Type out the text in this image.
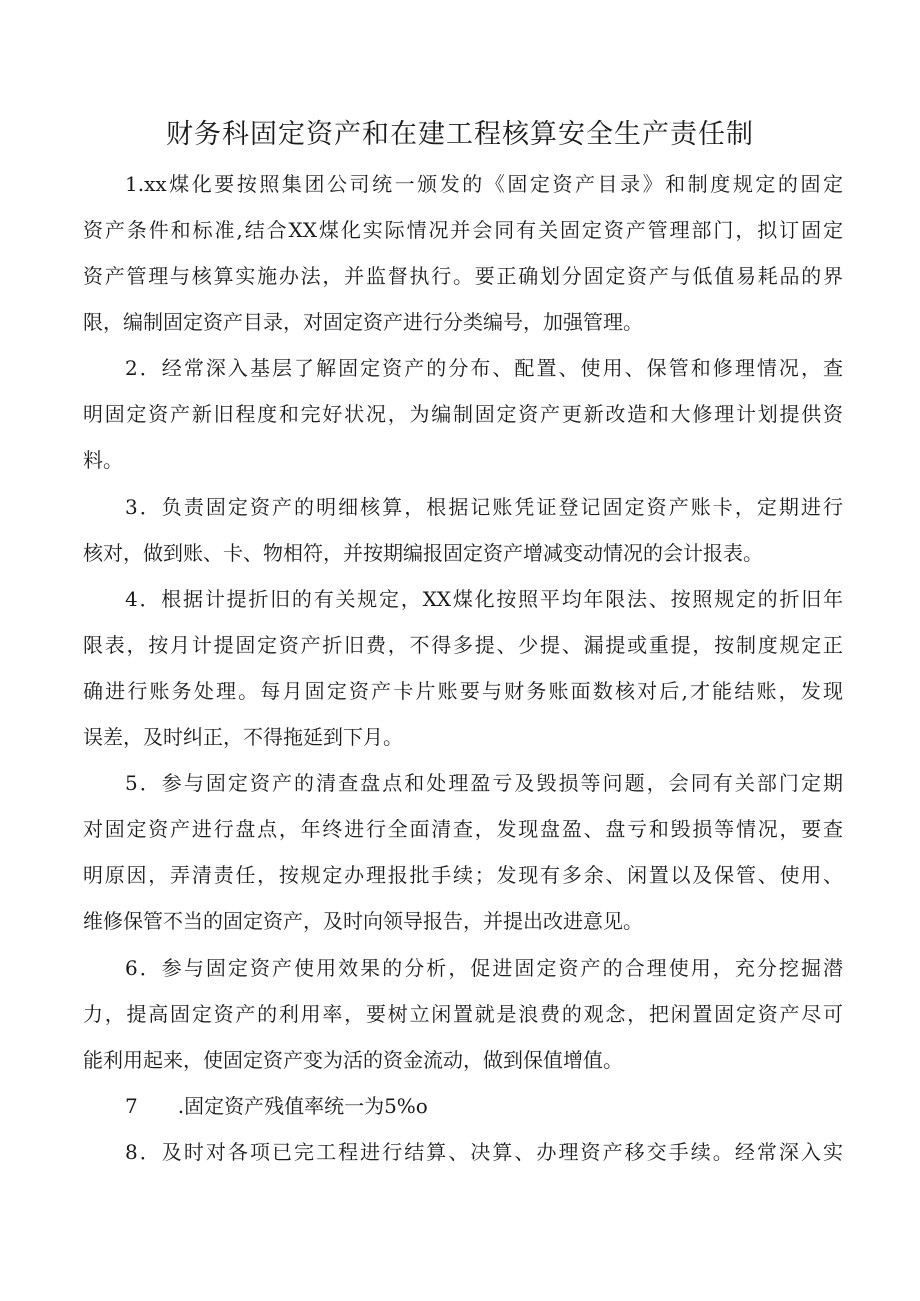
财务科固定资产和在建工程核算安全生产责任制
1.xx煤化要按照集团公司统一颁发的《固定资产目录》和制度规定的固定
资产条件和标准,结合XX煤化实际情况并会同有关固定资产管理部门，拟订固定
资产管理与核算实施办法，并监督执行。要正确划分固定资产与低值易耗品的界
限，编制固定资产目录，对固定资产进行分类编号，加强管理。
2．经常深入基层了解固定资产的分布、配置、使用、保管和修理情况，查
明固定资产新旧程度和完好状况，为编制固定资产更新改造和大修理计划提供资
料。
3．负责固定资产的明细核算，根据记账凭证登记固定资产账卡，定期进行
核对，做到账、卡、物相符，并按期编报固定资产增减变动情况的会计报表。
4．根据计提折旧的有关规定，XX煤化按照平均年限法、按照规定的折旧年
限表，按月计提固定资产折旧费，不得多提、少提、漏提或重提，按制度规定正
确进行账务处理。每月固定资产卡片账要与财务账面数核对后,才能结账，发现
误差，及时纠正，不得拖延到下月。
5．参与固定资产的清查盘点和处理盈亏及毁损等问题，会同有关部门定期
对固定资产进行盘点，年终进行全面清查，发现盘盈、盘亏和毁损等情况，要查
明原因，弄清责任，按规定办理报批手续；发现有多余、闲置以及保管、使用、
维修保管不当的固定资产，及时向领导报告，并提出改进意见。
6．参与固定资产使用效果的分析，促进固定资产的合理使用，充分挖掘潜
力，提高固定资产的利用率，要树立闲置就是浪费的观念，把闲置固定资产尽可
能利用起来，使固定资产变为活的资金流动，做到保值增值。
7　　.固定资产残值率统一为5%o
8．及时对各项已完工程进行结算、决算、办理资产移交手续。经常深入实
